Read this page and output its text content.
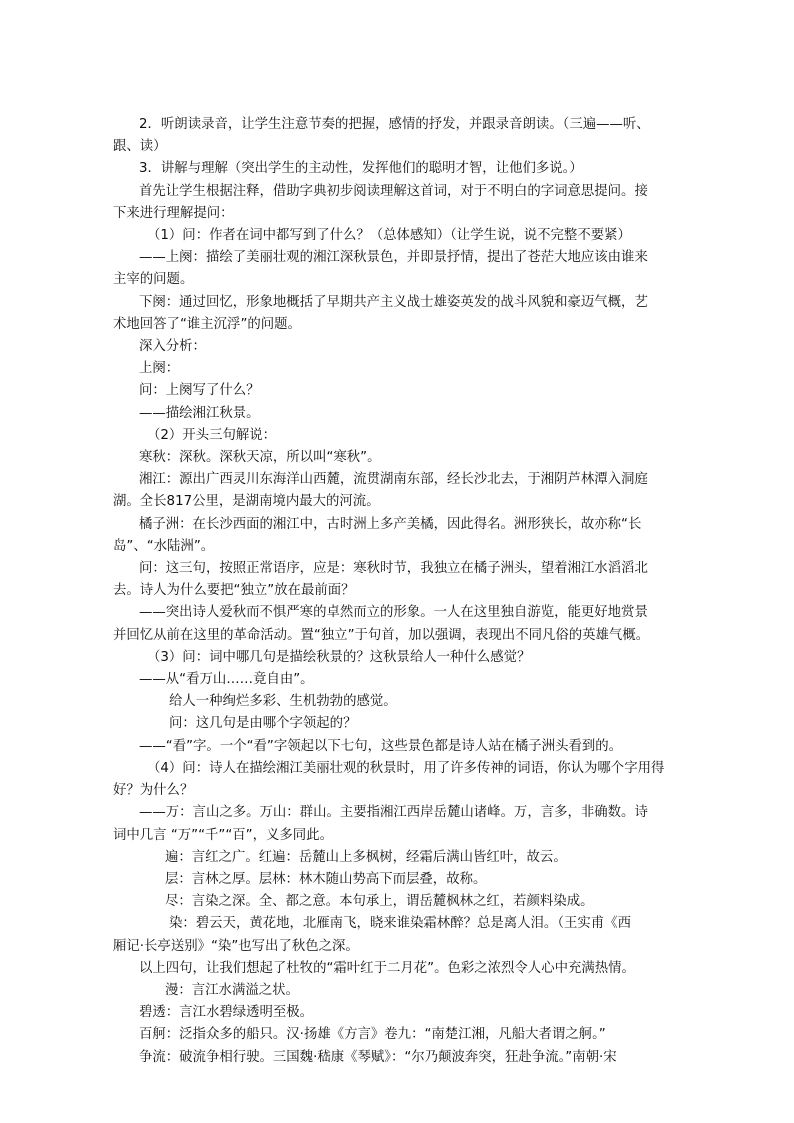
2．听朗读录音，让学生注意节奏的把握，感情的抒发，并跟录音朗读。（三遍——听、
跟、读）
3．讲解与理解（突出学生的主动性，发挥他们的聪明才智，让他们多说。）
首先让学生根据注释，借助字典初步阅读理解这首词，对于不明白的字词意思提问。接
下来进行理解提问：
（1）问：作者在词中都写到了什么？（总体感知）（让学生说，说不完整不要紧）
——上阕：描绘了美丽壮观的湘江深秋景色，并即景抒情，提出了苍茫大地应该由谁来
主宰的问题。
下阕：通过回忆，形象地概括了早期共产主义战士雄姿英发的战斗风貌和豪迈气概，艺
术地回答了“谁主沉浮”的问题。
深入分析：
上阕：
问：上阕写了什么？
——描绘湘江秋景。
（2）开头三句解说：
寒秋：深秋。深秋天凉，所以叫“寒秋”。
湘江：源出广西灵川东海洋山西麓，流贯湖南东部，经长沙北去，于湘阴芦林潭入洞庭
湖。全长817公里，是湖南境内最大的河流。
橘子洲：在长沙西面的湘江中，古时洲上多产美橘，因此得名。洲形狭长，故亦称“长
岛”、“水陆洲”。
问：这三句，按照正常语序，应是：寒秋时节，我独立在橘子洲头，望着湘江水滔滔北
去。诗人为什么要把“独立”放在最前面？
——突出诗人爱秋而不惧严寒的卓然而立的形象。一人在这里独自游览，能更好地赏景
并回忆从前在这里的革命活动。置“独立”于句首，加以强调，表现出不同凡俗的英雄气概。
（3）问：词中哪几句是描绘秋景的？这秋景给人一种什么感觉？
——从“看万山……竟自由”。
给人一种绚烂多彩、生机勃勃的感觉。
问：这几句是由哪个字领起的？
——“看”字。一个“看”字领起以下七句，这些景色都是诗人站在橘子洲头看到的。
（4）问：诗人在描绘湘江美丽壮观的秋景时，用了许多传神的词语，你认为哪个字用得
好？为什么？
——万：言山之多。万山：群山。主要指湘江西岸岳麓山诸峰。万，言多，非确数。诗
词中几言 “万”“千”“百”，义多同此。
遍：言红之广。红遍：岳麓山上多枫树，经霜后满山皆红叶，故云。
层：言林之厚。层林：林木随山势高下而层叠，故称。
尽：言染之深。全、都之意。本句承上，谓岳麓枫林之红，若颜料染成。
染：碧云天，黄花地，北雁南飞，晓来谁染霜林醉？总是离人泪。（王实甫《西
厢记·长亭送别》“染”也写出了秋色之深。
以上四句，让我们想起了杜牧的“霜叶红于二月花”。色彩之浓烈令人心中充满热情。
漫：言江水满溢之状。
碧透：言江水碧绿透明至极。
百舸：泛指众多的船只。汉·扬雄《方言》卷九：“南楚江湘，凡船大者谓之舸。”
争流：破流争相行驶。三国魏·嵇康《琴赋》：“尔乃颠波奔突，狂赴争流。”南朝·宋
